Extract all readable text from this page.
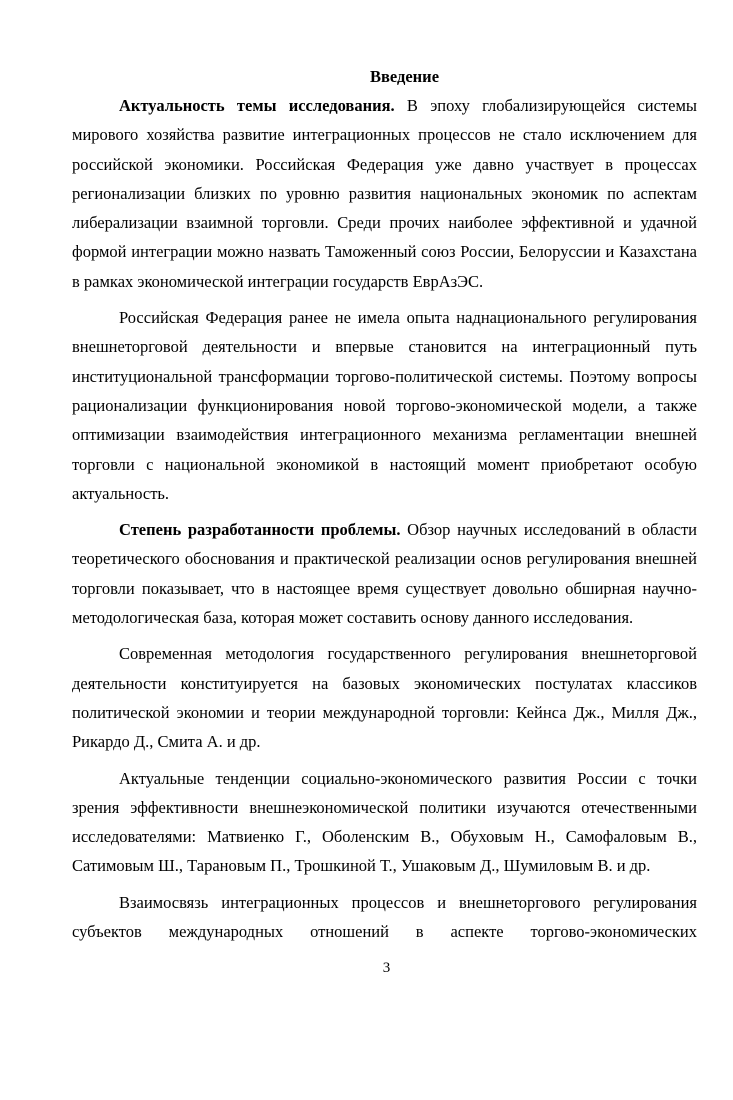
Введение

Актуальность темы исследования. В эпоху глобализирующейся системы мирового хозяйства развитие интеграционных процессов не стало исключением для российской экономики. Российская Федерация уже давно участвует в процессах регионализации близких по уровню развития национальных экономик по аспектам либерализации взаимной торговли. Среди прочих наиболее эффективной и удачной формой интеграции можно назвать Таможенный союз России, Белоруссии и Казахстана в рамках экономической интеграции государств ЕврАзЭС.

Российская Федерация ранее не имела опыта наднационального регулирования внешнеторговой деятельности и впервые становится на интеграционный путь институциональной трансформации торгово-политической системы. Поэтому вопросы рационализации функционирования новой торгово-экономической модели, а также оптимизации взаимодействия интеграционного механизма регламентации внешней торговли с национальной экономикой в настоящий момент приобретают особую актуальность.

Степень разработанности проблемы. Обзор научных исследований в области теоретического обоснования и практической реализации основ регулирования внешней торговли показывает, что в настоящее время существует довольно обширная научно-методологическая база, которая может составить основу данного исследования.

Современная методология государственного регулирования внешнеторговой деятельности конституируется на базовых экономических постулатах классиков политической экономии и теории международной торговли: Кейнса Дж., Милля Дж., Рикардо Д., Смита А. и др.

Актуальные тенденции социально-экономического развития России с точки зрения эффективности внешнеэкономической политики изучаются отечественными исследователями: Матвиенко Г., Оболенским В., Обуховым Н., Самофаловым В., Сатимовым Ш., Тарановым П., Трошкиной Т., Ушаковым Д., Шумиловым В. и др.

Взаимосвязь интеграционных процессов и внешнеторгового регулирования субъектов международных отношений в аспекте торгово-экономических

3
